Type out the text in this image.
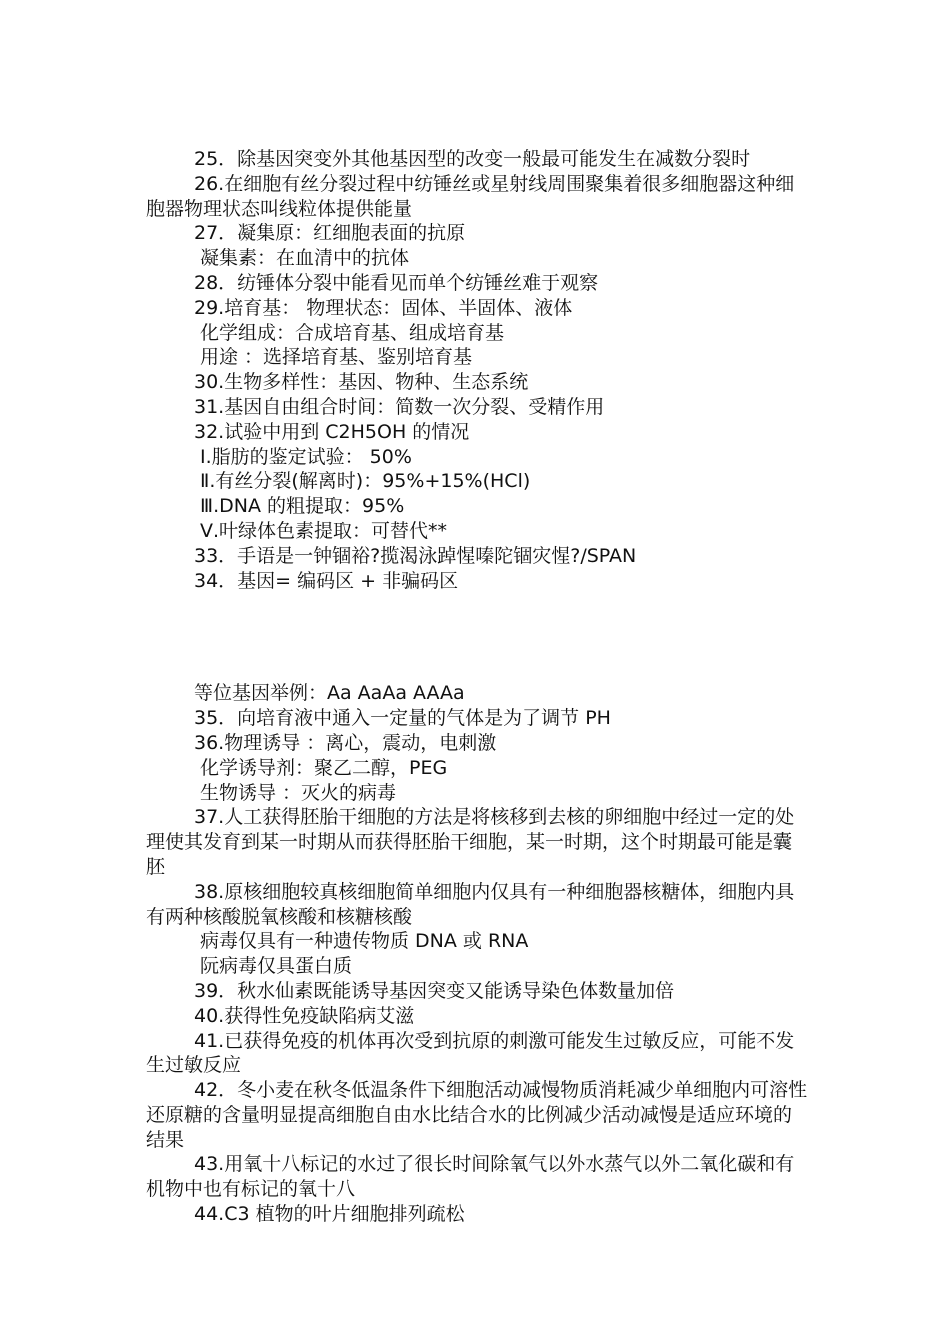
25．除基因突变外其他基因型的改变一般最可能发生在减数分裂时

26.在细胞有丝分裂过程中纺锤丝或星射线周围聚集着很多细胞器这种细胞器物理状态叫线粒体提供能量

27．凝集原：红细胞表面的抗原

凝集素：在血清中的抗体

28．纺锤体分裂中能看见而单个纺锤丝难于观察

29.培育基： 物理状态：固体、半固体、液体

化学组成：合成培育基、组成培育基

用途 ：选择培育基、鉴别培育基

30.生物多样性：基因、物种、生态系统

31.基因自由组合时间：简数一次分裂、受精作用

32.试验中用到 C2H5OH 的情况

Ⅰ.脂肪的鉴定试验： 50%

Ⅱ.有丝分裂(解离时)：95%+15%(HCl)

Ⅲ.DNA 的粗提取：95%

Ⅴ.叶绿体色素提取：可替代**

33．手语是一钟锢裕?揽渴泳踔惺嗪陀锢灾惺?/SPAN

34．基因= 编码区 + 非骗码区

等位基因举例：Aa AaAa AAAa

35．向培育液中通入一定量的气体是为了调节 PH

36.物理诱导 ：离心，震动，电刺激

化学诱导剂：聚乙二醇，PEG

生物诱导 ：灭火的病毒

37.人工获得胚胎干细胞的方法是将核移到去核的卵细胞中经过一定的处理使其发育到某一时期从而获得胚胎干细胞，某一时期，这个时期最可能是囊胚

38.原核细胞较真核细胞简单细胞内仅具有一种细胞器核糖体，细胞内具有两种核酸脱氧核酸和核糖核酸

病毒仅具有一种遗传物质 DNA 或 RNA

阮病毒仅具蛋白质

39．秋水仙素既能诱导基因突变又能诱导染色体数量加倍

40.获得性免疫缺陷病艾滋

41.已获得免疫的机体再次受到抗原的刺激可能发生过敏反应，可能不发生过敏反应

42．冬小麦在秋冬低温条件下细胞活动减慢物质消耗减少单细胞内可溶性还原糖的含量明显提高细胞自由水比结合水的比例减少活动减慢是适应环境的结果

43.用氧十八标记的水过了很长时间除氧气以外水蒸气以外二氧化碳和有机物中也有标记的氧十八

44.C3 植物的叶片细胞排列疏松
